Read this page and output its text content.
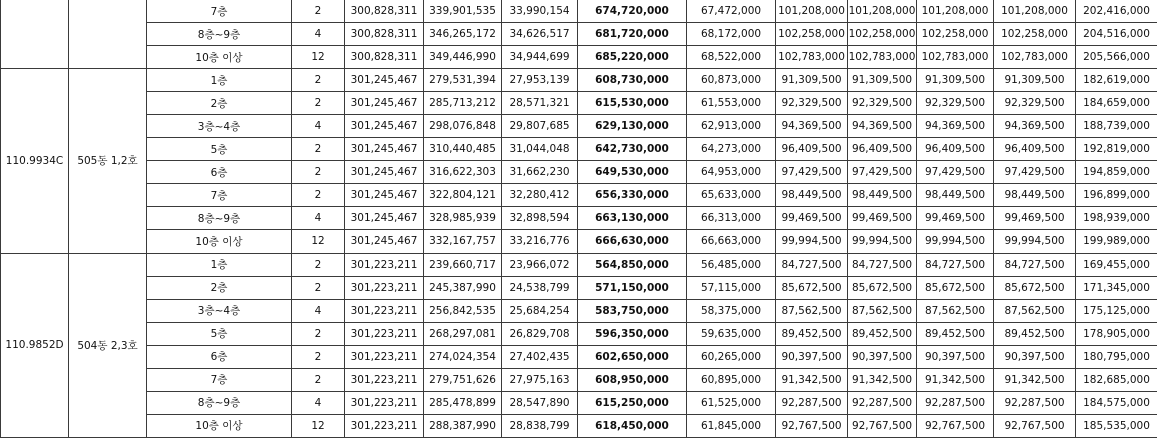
		7층	2	300,828,311	339,901,535	33,990,154	674,720,000	67,472,000	101,208,000	101,208,000	101,208,000	101,208,000	202,416,000
		8층~9층	4	300,828,311	346,265,172	34,626,517	681,720,000	68,172,000	102,258,000	102,258,000	102,258,000	102,258,000	204,516,000
		10층 이상	12	300,828,311	349,446,990	34,944,699	685,220,000	68,522,000	102,783,000	102,783,000	102,783,000	102,783,000	205,566,000
110.9934C	505동 1,2호	1층	2	301,245,467	279,531,394	27,953,139	608,730,000	60,873,000	91,309,500	91,309,500	91,309,500	91,309,500	182,619,000
		2층	2	301,245,467	285,713,212	28,571,321	615,530,000	61,553,000	92,329,500	92,329,500	92,329,500	92,329,500	184,659,000
		3층~4층	4	301,245,467	298,076,848	29,807,685	629,130,000	62,913,000	94,369,500	94,369,500	94,369,500	94,369,500	188,739,000
		5층	2	301,245,467	310,440,485	31,044,048	642,730,000	64,273,000	96,409,500	96,409,500	96,409,500	96,409,500	192,819,000
		6층	2	301,245,467	316,622,303	31,662,230	649,530,000	64,953,000	97,429,500	97,429,500	97,429,500	97,429,500	194,859,000
		7층	2	301,245,467	322,804,121	32,280,412	656,330,000	65,633,000	98,449,500	98,449,500	98,449,500	98,449,500	196,899,000
		8층~9층	4	301,245,467	328,985,939	32,898,594	663,130,000	66,313,000	99,469,500	99,469,500	99,469,500	99,469,500	198,939,000
		10층 이상	12	301,245,467	332,167,757	33,216,776	666,630,000	66,663,000	99,994,500	99,994,500	99,994,500	99,994,500	199,989,000
110.9852D	504동 2,3호	1층	2	301,223,211	239,660,717	23,966,072	564,850,000	56,485,000	84,727,500	84,727,500	84,727,500	84,727,500	169,455,000
		2층	2	301,223,211	245,387,990	24,538,799	571,150,000	57,115,000	85,672,500	85,672,500	85,672,500	85,672,500	171,345,000
		3층~4층	4	301,223,211	256,842,535	25,684,254	583,750,000	58,375,000	87,562,500	87,562,500	87,562,500	87,562,500	175,125,000
		5층	2	301,223,211	268,297,081	26,829,708	596,350,000	59,635,000	89,452,500	89,452,500	89,452,500	89,452,500	178,905,000
		6층	2	301,223,211	274,024,354	27,402,435	602,650,000	60,265,000	90,397,500	90,397,500	90,397,500	90,397,500	180,795,000
		7층	2	301,223,211	279,751,626	27,975,163	608,950,000	60,895,000	91,342,500	91,342,500	91,342,500	91,342,500	182,685,000
		8층~9층	4	301,223,211	285,478,899	28,547,890	615,250,000	61,525,000	92,287,500	92,287,500	92,287,500	92,287,500	184,575,000
		10층 이상	12	301,223,211	288,387,990	28,838,799	618,450,000	61,845,000	92,767,500	92,767,500	92,767,500	92,767,500	185,535,000
